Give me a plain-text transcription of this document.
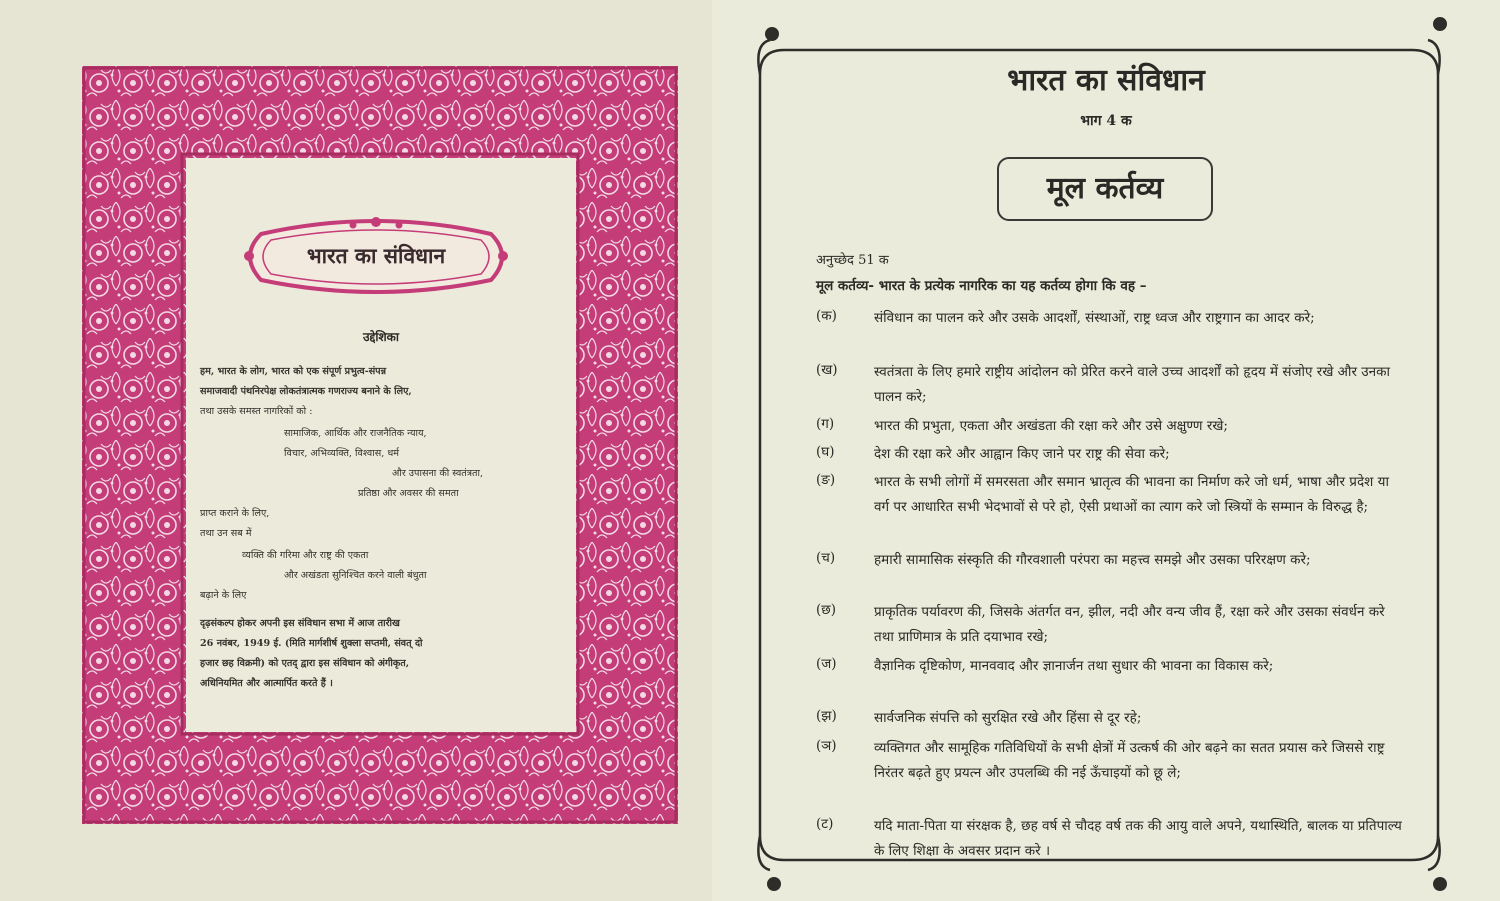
भारत का संविधान
उद्देशिका
हम, भारत के लोग, भारत को एक संपूर्ण प्रभुत्व-संपन्न
समाजवादी पंथनिरपेक्ष लोकतंत्रात्मक गणराज्य बनाने के लिए,
तथा उसके समस्त नागरिकों को :
सामाजिक, आर्थिक और राजनैतिक न्याय,
विचार, अभिव्यक्ति, विश्वास, धर्म
और उपासना की स्वतंत्रता,
प्रतिष्ठा और अवसर की समता
प्राप्त कराने के लिए,
तथा उन सब में
व्यक्ति की गरिमा और राष्ट्र की एकता
और अखंडता सुनिश्चित करने वाली बंधुता
बढ़ाने के लिए
दृढ़संकल्प होकर अपनी इस संविधान सभा में आज तारीख
26 नवंबर, 1949 ई. (मिति मार्गशीर्ष शुक्ला सप्तमी, संवत् दो
हजार छह विक्रमी) को एतद् द्वारा इस संविधान को अंगीकृत,
अधिनियमित और आत्मार्पित करते हैं ।
भारत का संविधान
भाग 4 क
मूल कर्तव्य
अनुच्छेद 51 क
मूल कर्तव्य- भारत के प्रत्येक नागरिक का यह कर्तव्य होगा कि वह –
(क)	संविधान का पालन करे और उसके आदर्शों, संस्थाओं, राष्ट्र ध्वज और राष्ट्रगान का आदर करे;
(ख)	स्वतंत्रता के लिए हमारे राष्ट्रीय आंदोलन को प्रेरित करने वाले उच्च आदर्शों को हृदय में संजोए रखे और उनका पालन करे;
(ग)	भारत की प्रभुता, एकता और अखंडता की रक्षा करे और उसे अक्षुण्ण रखे;
(घ)	देश की रक्षा करे और आह्वान किए जाने पर राष्ट्र की सेवा करे;
(ङ)	भारत के सभी लोगों में समरसता और समान भ्रातृत्व की भावना का निर्माण करे जो धर्म, भाषा और प्रदेश या वर्ग पर आधारित सभी भेदभावों से परे हो, ऐसी प्रथाओं का त्याग करे जो स्त्रियों के सम्मान के विरुद्ध है;
(च)	हमारी सामासिक संस्कृति की गौरवशाली परंपरा का महत्त्व समझे और उसका परिरक्षण करे;
(छ)	प्राकृतिक पर्यावरण की, जिसके अंतर्गत वन, झील, नदी और वन्य जीव हैं, रक्षा करे और उसका संवर्धन करे तथा प्राणिमात्र के प्रति दयाभाव रखे;
(ज)	वैज्ञानिक दृष्टिकोण, मानववाद और ज्ञानार्जन तथा सुधार की भावना का विकास करे;
(झ)	सार्वजनिक संपत्ति को सुरक्षित रखे और हिंसा से दूर रहे;
(ञ)	व्यक्तिगत और सामूहिक गतिविधियों के सभी क्षेत्रों में उत्कर्ष की ओर बढ़ने का सतत प्रयास करे जिससे राष्ट्र निरंतर बढ़ते हुए प्रयत्न और उपलब्धि की नई ऊँचाइयों को छू ले;
(ट)	यदि माता-पिता या संरक्षक है, छह वर्ष से चौदह वर्ष तक की आयु वाले अपने, यथास्थिति, बालक या प्रतिपाल्य के लिए शिक्षा के अवसर प्रदान करे ।
